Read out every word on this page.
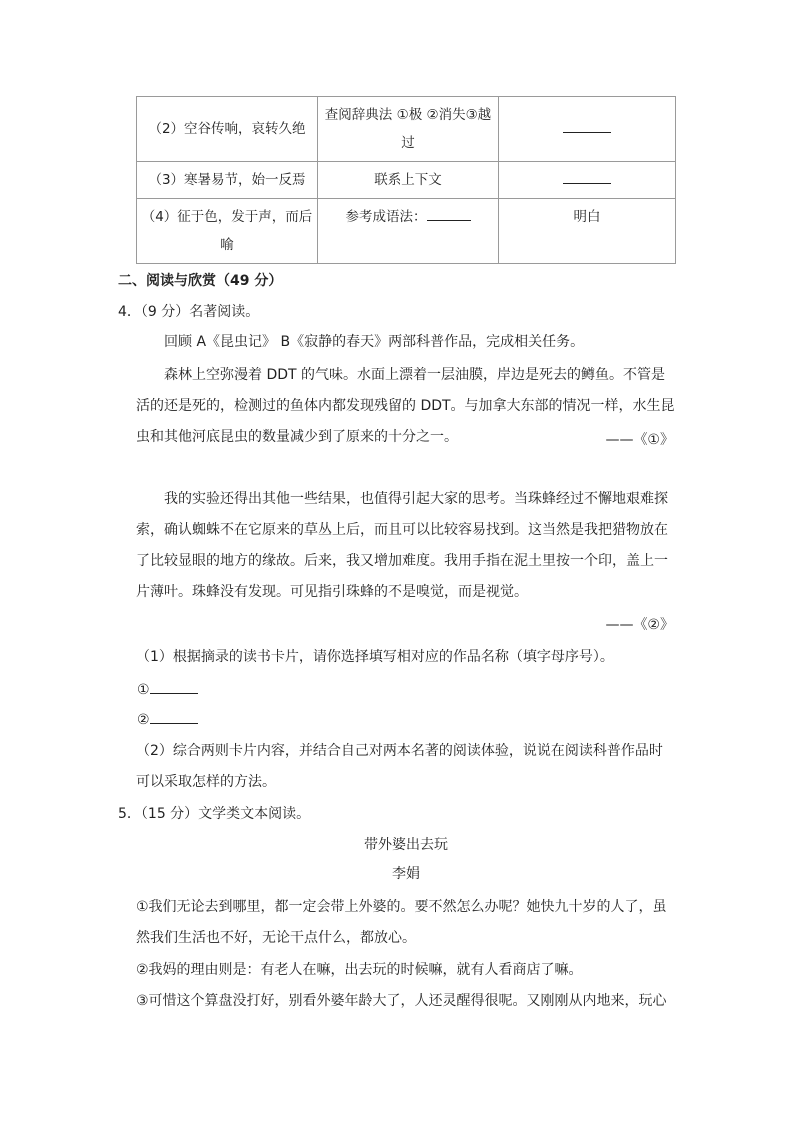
（2）空谷传响，哀转久绝	查阅辞典法 ①极 ②消失③越过	
（3）寒暑易节，始一反焉	联系上下文	
（4）征于色，发于声，而后喻	参考成语法：	明白
二、阅读与欣赏（49 分）
4．（9 分）名著阅读。
回顾 A《昆虫记》 B《寂静的春天》两部科普作品，完成相关任务。
森林上空弥漫着 DDT 的气味。水面上漂着一层油膜，岸边是死去的鳟鱼。不管是活的还是死的，检测过的鱼体内都发现残留的 DDT。与加拿大东部的情况一样，水生昆虫和其他河底昆虫的数量减少到了原来的十分之一。	——《①》
我的实验还得出其他一些结果，也值得引起大家的思考。当珠蜂经过不懈地艰难探索，确认蜘蛛不在它原来的草丛上后，而且可以比较容易找到。这当然是我把猎物放在了比较显眼的地方的缘故。后来，我又增加难度。我用手指在泥土里按一个印，盖上一片薄叶。珠蜂没有发现。可见指引珠蜂的不是嗅觉，而是视觉。
——《②》
（1）根据摘录的读书卡片，请你选择填写相对应的作品名称（填字母序号）。
①
②
（2）综合两则卡片内容，并结合自己对两本名著的阅读体验，说说在阅读科普作品时可以采取怎样的方法。
5．（15 分）文学类文本阅读。
带外婆出去玩
李娟
①我们无论去到哪里，都一定会带上外婆的。要不然怎么办呢？她快九十岁的人了，虽然我们生活也不好，无论干点什么，都放心。
②我妈的理由则是：有老人在嘛，出去玩的时候嘛，就有人看商店了嘛。
③可惜这个算盘没打好，别看外婆年龄大了，人还灵醒得很呢。又刚刚从内地来，玩心
